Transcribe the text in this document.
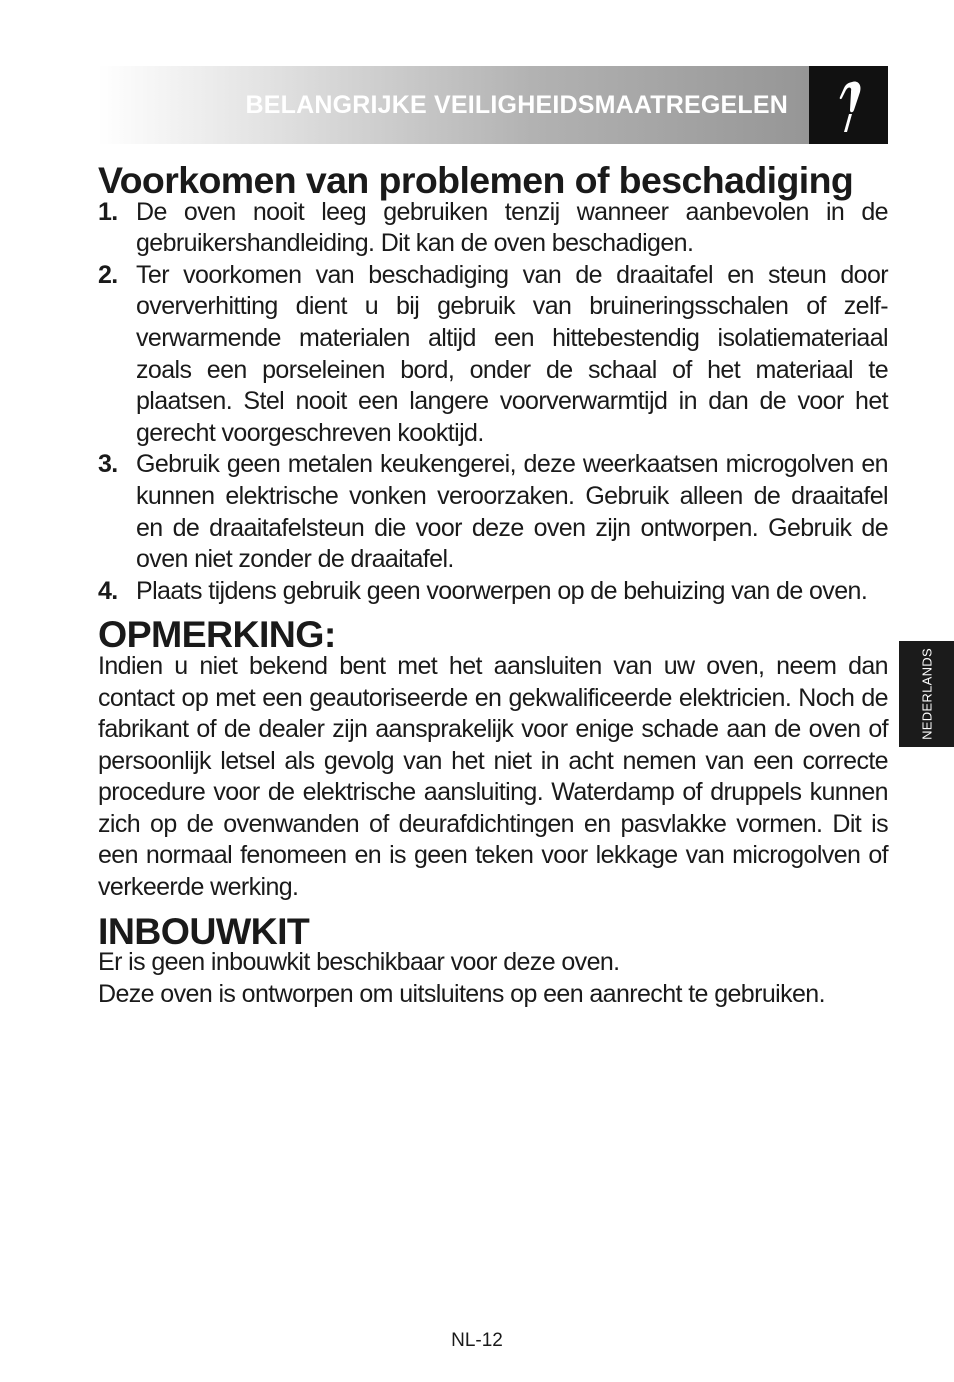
BELANGRIJKE VEILIGHEIDSMAATREGELEN
Voorkomen van problemen of beschadiging
1. De oven nooit leeg gebruiken tenzij wanneer aanbevolen in de gebruikershandleiding. Dit kan de oven beschadigen.
2. Ter voorkomen van beschadiging van de draaitafel en steun door oververhitting dient u bij gebruik van bruineringsschalen of zelf-verwarmende materialen altijd een hittebestendig isolatiemateriaal zoals een porseleinen bord, onder de schaal of het materiaal te plaatsen. Stel nooit een langere voorverwarmtijd in dan de voor het gerecht voorgeschreven kooktijd.
3. Gebruik geen metalen keukengerei, deze weerkaatsen microgolven en kunnen elektrische vonken veroorzaken. Gebruik alleen de draaitafel en de draaitafelsteun die voor deze oven zijn ontworpen. Gebruik de oven niet zonder de draaitafel.
4. Plaats tijdens gebruik geen voorwerpen op de behuizing van de oven.
OPMERKING:

Indien u niet bekend bent met het aansluiten van uw oven, neem dan contact op met een geautoriseerde en gekwalificeerde elektricien. Noch de fabrikant of de dealer zijn aansprakelijk voor enige schade aan de oven of persoonlijk letsel als gevolg van het niet in acht nemen van een correcte procedure voor de elektrische aansluiting. Waterdamp of druppels kunnen zich op de ovenwanden of deurafdichtingen en pasvlakke vormen. Dit is een normaal fenomeen en is geen teken voor lekkage van microgolven of verkeerde werking.

INBOUWKIT

Er is geen inbouwkit beschikbaar voor deze oven.

Deze oven is ontworpen om uitsluitens op een aanrecht te gebruiken.

NEDERLANDS
NL-12
